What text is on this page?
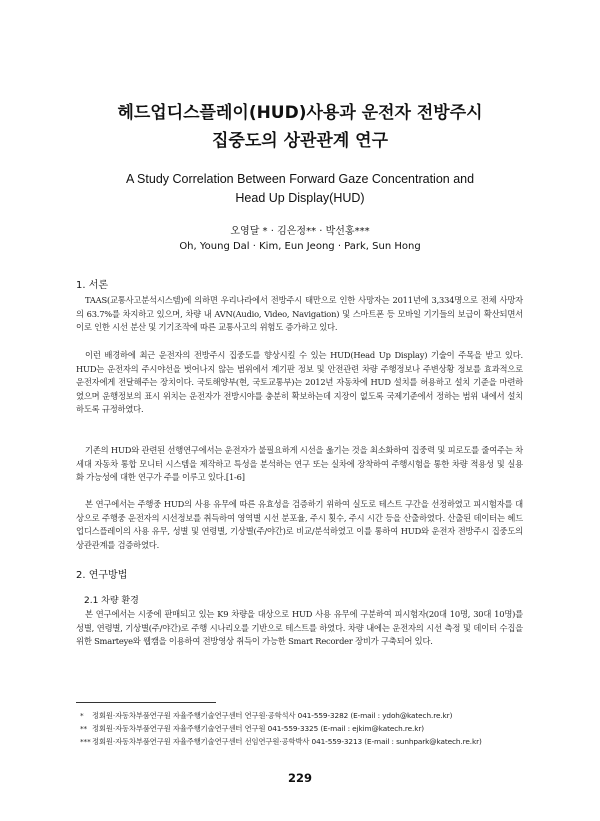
헤드업디스플레이(HUD)사용과 운전자 전방주시
집중도의 상관관계 연구
A Study Correlation Between Forward Gaze Concentration and
Head Up Display(HUD)
오영달 * · 김은정** · 박선홍***
Oh, Young Dal · Kim, Eun Jeong · Park, Sun Hong
1. 서론
TAAS(교통사고분석시스템)에 의하면 우리나라에서 전방주시 태만으로 인한 사망자는 2011년에 3,334명으로 전체 사망자의 63.7%를 차지하고 있으며, 차량 내 AVN(Audio, Video, Navigation) 및 스마트폰 등 모바일 기기들의 보급이 확산되면서 이로 인한 시선 분산 및 기기조작에 따른 교통사고의 위험도 증가하고 있다.
이런 배경하에 최근 운전자의 전방주시 집중도를 향상시킬 수 있는 HUD(Head Up Display) 기술이 주목을 받고 있다. HUD는 운전자의 주시야선을 벗어나지 않는 범위에서 계기판 정보 및 안전관련 차량 주행정보나 주변상황 정보를 효과적으로 운전자에게 전달해주는 장치이다. 국토해양부(현, 국토교통부)는 2012년 자동차에 HUD 설치를 허용하고 설치 기준을 마련하였으며 운행정보의 표시 위치는 운전자가 전방시야를 충분히 확보하는데 지장이 없도록 국제기준에서 정하는 범위 내에서 설치하도록 규정하였다.
기존의 HUD와 관련된 선행연구에서는 운전자가 불필요하게 시선을 옮기는 것을 최소화하여 집중력 및 피로도를 줄여주는 차세대 자동차 통합 모니터 시스템을 제작하고 특성을 분석하는 연구 또는 실차에 장착하여 주행시험을 통한 차량 적용성 및 실용화 가능성에 대한 연구가 주를 이루고 있다.[1-6]
본 연구에서는 주행중 HUD의 사용 유무에 따른 유효성을 검증하기 위하여 실도로 테스트 구간을 선정하였고 피시험자를 대상으로 주행중 운전자의 시선정보를 취득하여 영역별 시선 분포율, 주시 횟수, 주시 시간 등을 산출하였다. 산출된 데이터는 헤드업디스플레이의 사용 유무, 성별 및 연령별, 기상별(주/야간)로 비교/분석하였고 이를 통하여 HUD와 운전자 전방주시 집중도의 상관관계를 검증하였다.
2. 연구방법
2.1 차량 환경
본 연구에서는 시중에 판매되고 있는 K9 차량을 대상으로 HUD 사용 유무에 구분하여 피시험자(20대 10명, 30대 10명)를 성별, 연령별, 기상별(주/야간)로 주행 시나리오를 기반으로 테스트를 하였다. 차량 내에는 운전자의 시선 측정 및 데이터 수집을 위한 Smarteye와 웹캠을 이용하여 전방영상 취득이 가능한 Smart Recorder 장비가 구축되어 있다.
* 정회원·자동차부품연구원 자율주행기술연구센터 연구원·공학석사 041-559-3282 (E-mail : ydoh@katech.re.kr)
** 정회원·자동차부품연구원 자율주행기술연구센터 연구원 041-559-3325 (E-mail : ejkim@katech.re.kr)
***정회원·자동차부품연구원 자율주행기술연구센터 선임연구원·공학박사 041-559-3213 (E-mail : sunhpark@katech.re.kr)
229
